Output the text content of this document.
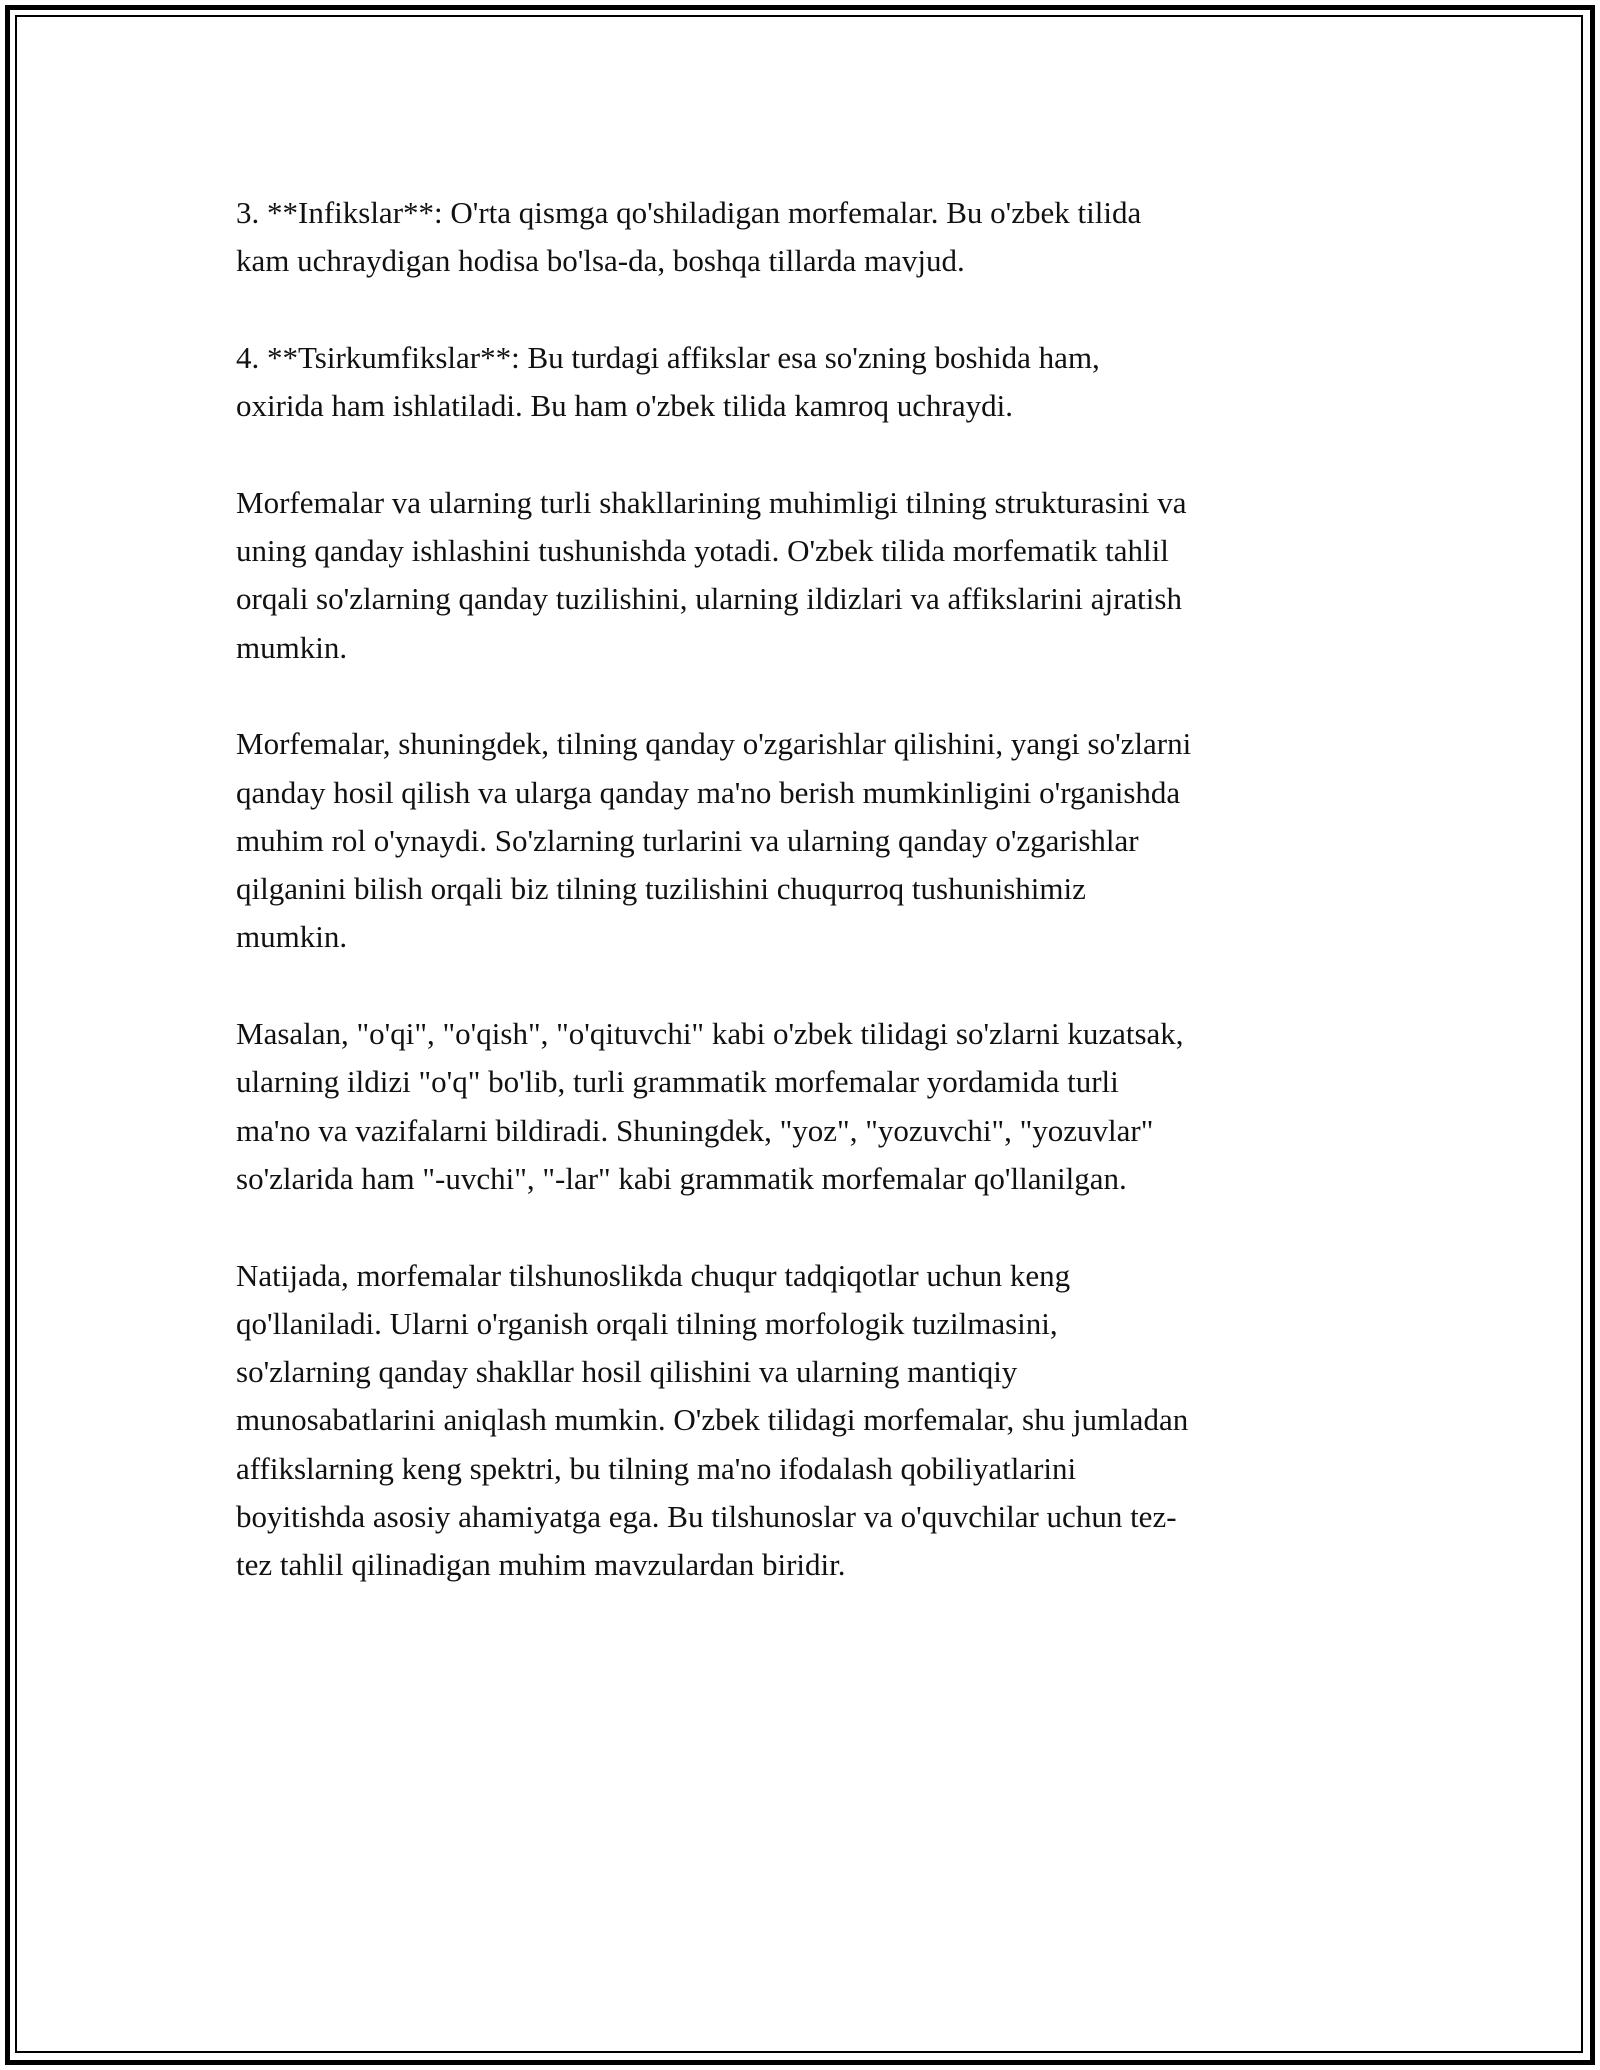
3. **Infikslar**: O'rta qismga qo'shiladigan morfemalar. Bu o'zbek tilida
kam uchraydigan hodisa bo'lsa-da, boshqa tillarda mavjud.
4. **Tsirkumfikslar**: Bu turdagi affikslar esa so'zning boshida ham,
oxirida ham ishlatiladi. Bu ham o'zbek tilida kamroq uchraydi.
Morfemalar va ularning turli shakllarining muhimligi tilning strukturasini va
uning qanday ishlashini tushunishda yotadi. O'zbek tilida morfematik tahlil
orqali so'zlarning qanday tuzilishini, ularning ildizlari va affikslarini ajratish
mumkin.
Morfemalar, shuningdek, tilning qanday o'zgarishlar qilishini, yangi so'zlarni
qanday hosil qilish va ularga qanday ma'no berish mumkinligini o'rganishda
muhim rol o'ynaydi. So'zlarning turlarini va ularning qanday o'zgarishlar
qilganini bilish orqali biz tilning tuzilishini chuqurroq tushunishimiz
mumkin.
Masalan, "o'qi", "o'qish", "o'qituvchi" kabi o'zbek tilidagi so'zlarni kuzatsak,
ularning ildizi "o'q" bo'lib, turli grammatik morfemalar yordamida turli
ma'no va vazifalarni bildiradi. Shuningdek, "yoz", "yozuvchi", "yozuvlar"
so'zlarida ham "-uvchi", "-lar" kabi grammatik morfemalar qo'llanilgan.
Natijada, morfemalar tilshunoslikda chuqur tadqiqotlar uchun keng
qo'llaniladi. Ularni o'rganish orqali tilning morfologik tuzilmasini,
so'zlarning qanday shakllar hosil qilishini va ularning mantiqiy
munosabatlarini aniqlash mumkin. O'zbek tilidagi morfemalar, shu jumladan
affikslarning keng spektri, bu tilning ma'no ifodalash qobiliyatlarini
boyitishda asosiy ahamiyatga ega. Bu tilshunoslar va o'quvchilar uchun tez-
tez tahlil qilinadigan muhim mavzulardan biridir.
